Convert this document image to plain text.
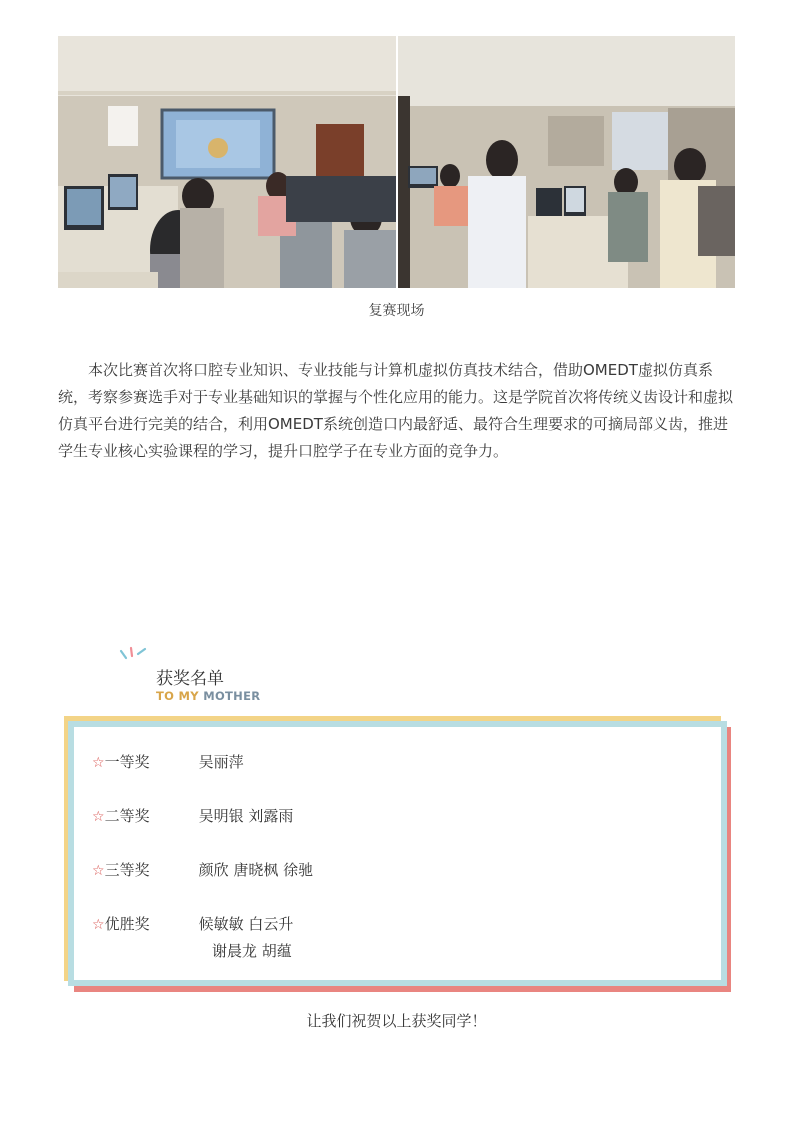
复赛现场

本次比赛首次将口腔专业知识、专业技能与计算机虚拟仿真技术结合，借助OMEDT虚拟仿真系统，考察参赛选手对于专业基础知识的掌握与个性化应用的能力。这是学院首次将传统义齿设计和虚拟仿真平台进行完美的结合，利用OMEDT系统创造口内最舒适、最符合生理要求的可摘局部义齿，推进学生专业核心实验课程的学习，提升口腔学子在专业方面的竞争力。

获奖名单
TO MY MOTHER
☆一等奖	吴丽萍
☆二等奖	吴明银 刘露雨
☆三等奖	颜欣 唐晓枫 徐驰
☆优胜奖	候敏敏 白云升
谢晨龙 胡蕴
让我们祝贺以上获奖同学！
